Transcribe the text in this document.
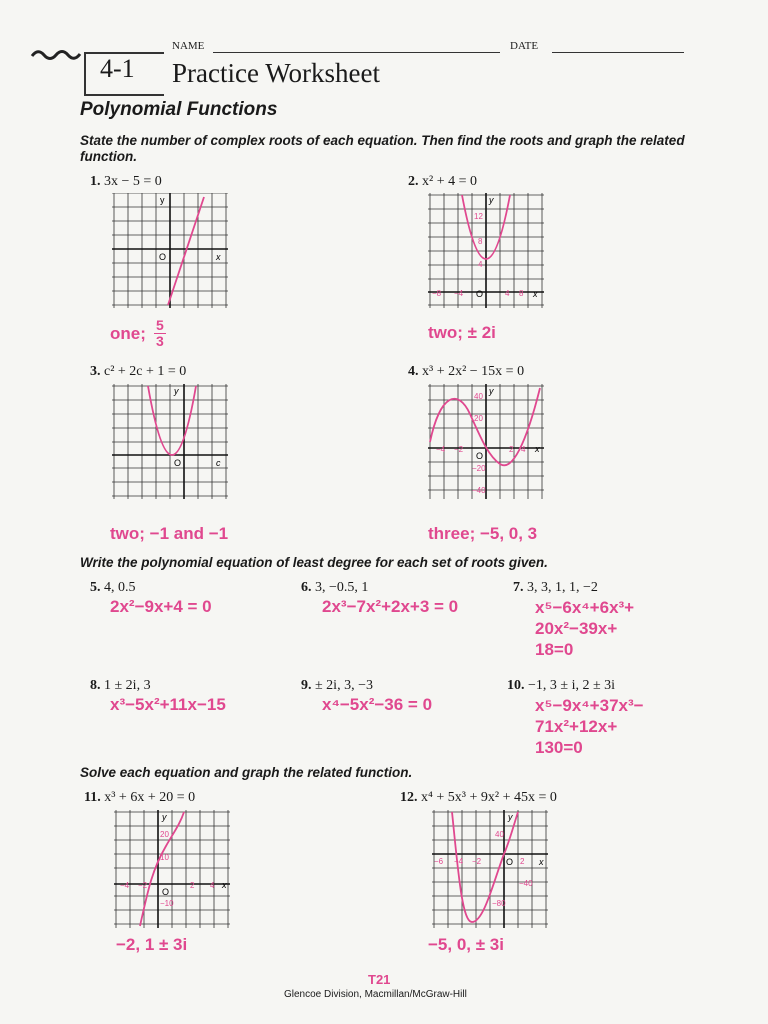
4-1
NAME	DATE
Practice Worksheet
Polynomial Functions
State the number of complex roots of each equation. Then find the roots and graph the related function.
1. 3x − 5 = 0
y
O	x
one; 5
3
2. x² + 4 = 0
y
12
8
4
−8 −4 O	4 8 x
two; ± 2i
3. c² + 2c + 1 = 0
y
O	c
two; −1 and −1
4. x³ + 2x² − 15x = 0
y
40
20
−4 −2
O
2 4 x
−20
−40
three; −5, 0, 3
Write the polynomial equation of least degree for each set of roots given.
5. 4, 0.5
2x²−9x+4 = 0
6. 3, −0.5, 1
2x³−7x²+2x+3 = 0
7. 3, 3, 1, 1, −2
x⁵−6x⁴+6x³+
20x²−39x+
18=0
8. 1 ± 2i, 3
x³−5x²+11x−15
9. ± 2i, 3, −3
x⁴−5x²−36 = 0
10. −1, 3 ± i, 2 ± 3i
x⁵−9x⁴+37x³−
71x²+12x+
130=0
Solve each equation and graph the related function.
11. x³ + 6x + 20 = 0
y
20
10
−4 −2
O
2 4 x
−10
−2, 1 ± 3i
12. x⁴ + 5x³ + 9x² + 45x = 0
y
40
−6 −4 −2	O 2 x
−40
−80
−5, 0, ± 3i
T21
Glencoe Division, Macmillan/McGraw-Hill
